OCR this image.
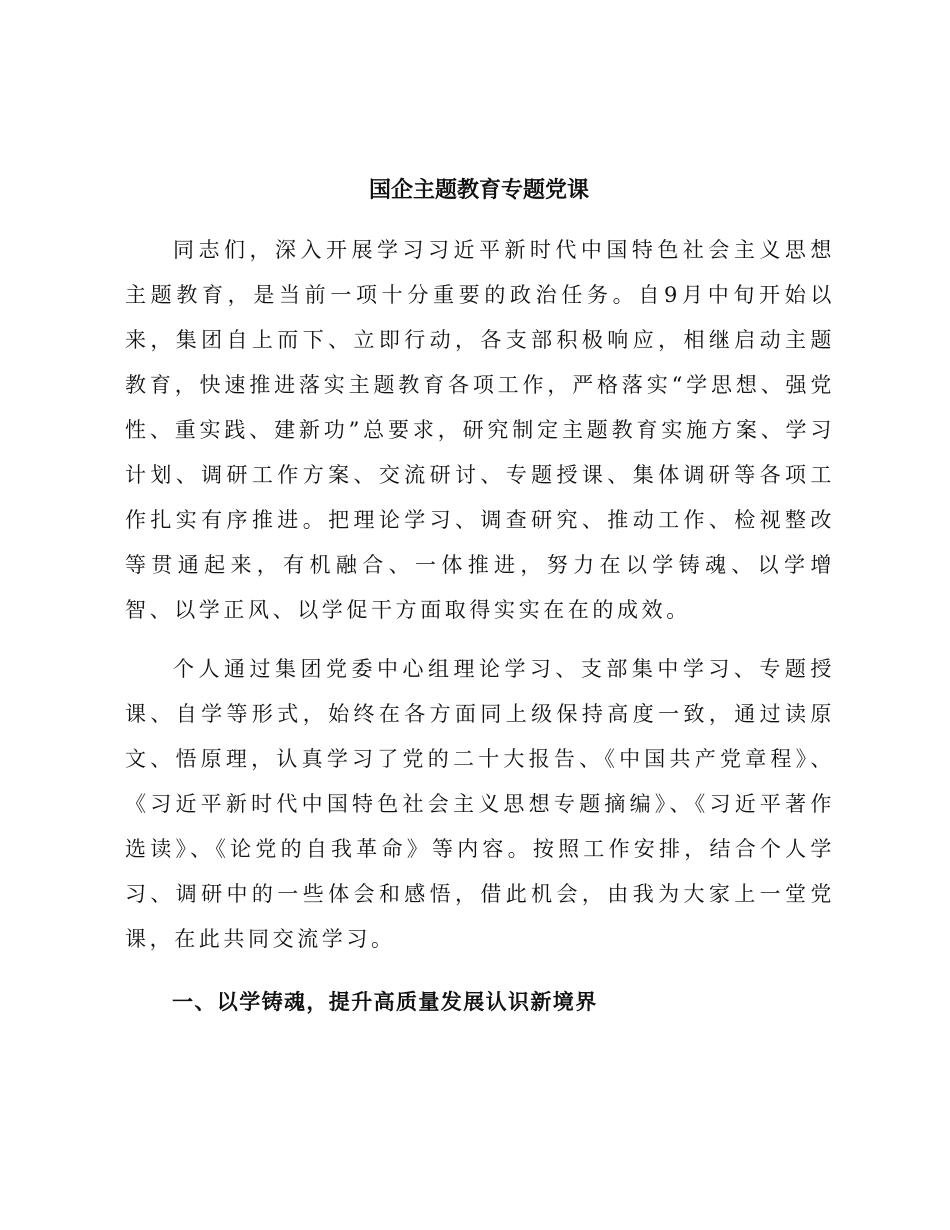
国企主题教育专题党课

同志们，深入开展学习习近平新时代中国特色社会主义思想主题教育，是当前一项十分重要的政治任务。自9月中旬开始以来，集团自上而下、立即行动，各支部积极响应，相继启动主题教育，快速推进落实主题教育各项工作，严格落实“学思想、强党性、重实践、建新功”总要求，研究制定主题教育实施方案、学习计划、调研工作方案、交流研讨、专题授课、集体调研等各项工作扎实有序推进。把理论学习、调查研究、推动工作、检视整改等贯通起来，有机融合、一体推进，努力在以学铸魂、以学增智、以学正风、以学促干方面取得实实在在的成效。

个人通过集团党委中心组理论学习、支部集中学习、专题授课、自学等形式，始终在各方面同上级保持高度一致，通过读原文、悟原理，认真学习了党的二十大报告、《中国共产党章程》、《习近平新时代中国特色社会主义思想专题摘编》、《习近平著作选读》、《论党的自我革命》等内容。按照工作安排，结合个人学习、调研中的一些体会和感悟，借此机会，由我为大家上一堂党课，在此共同交流学习。

一、以学铸魂，提升高质量发展认识新境界
